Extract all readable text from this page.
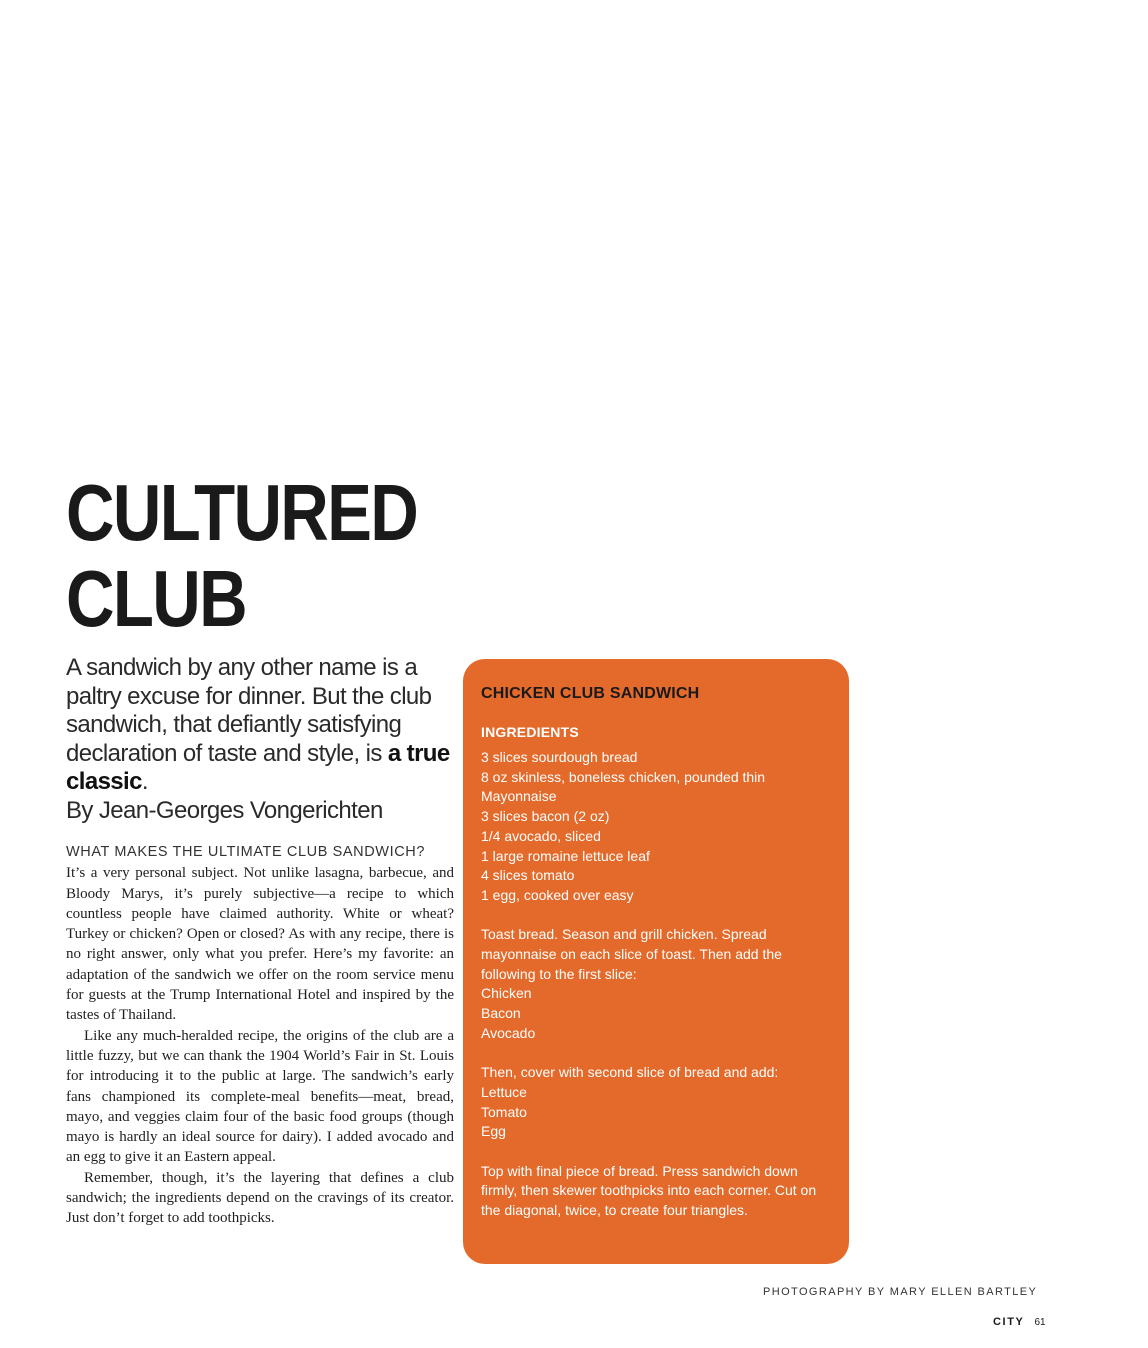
CULTURED
CLUB

A sandwich by any other name is a paltry excuse for dinner. But the club sandwich, that defiantly satisfying declaration of taste and style, is a true classic.
By Jean-Georges Vongerichten

WHAT MAKES THE ULTIMATE CLUB SANDWICH?

It’s a very personal subject. Not unlike lasagna, barbecue, and Bloody Marys, it’s purely subjective—a recipe to which countless people have claimed authority. White or wheat? Turkey or chicken? Open or closed? As with any recipe, there is no right answer, only what you prefer. Here’s my favorite: an adaptation of the sandwich we offer on the room service menu for guests at the Trump International Hotel and inspired by the tastes of Thailand.

Like any much-heralded recipe, the origins of the club are a little fuzzy, but we can thank the 1904 World’s Fair in St. Louis for introducing it to the public at large. The sandwich’s early fans championed its complete-meal benefits—meat, bread, mayo, and veggies claim four of the basic food groups (though mayo is hardly an ideal source for dairy). I added avocado and an egg to give it an Eastern appeal.

Remember, though, it’s the layering that defines a club sandwich; the ingredients depend on the cravings of its creator. Just don’t forget to add toothpicks.

CHICKEN CLUB SANDWICH
INGREDIENTS
3 slices sourdough bread
8 oz skinless, boneless chicken, pounded thin
Mayonnaise
3 slices bacon (2 oz)
1/4 avocado, sliced
1 large romaine lettuce leaf
4 slices tomato
1 egg, cooked over easy
Toast bread. Season and grill chicken. Spread mayonnaise on each slice of toast. Then add the following to the first slice:
Chicken
Bacon
Avocado
Then, cover with second slice of bread and add:
Lettuce
Tomato
Egg
Top with final piece of bread. Press sandwich down firmly, then skewer toothpicks into each corner. Cut on the diagonal, twice, to create four triangles.
PHOTOGRAPHY BY MARY ELLEN BARTLEY
CITY 61
